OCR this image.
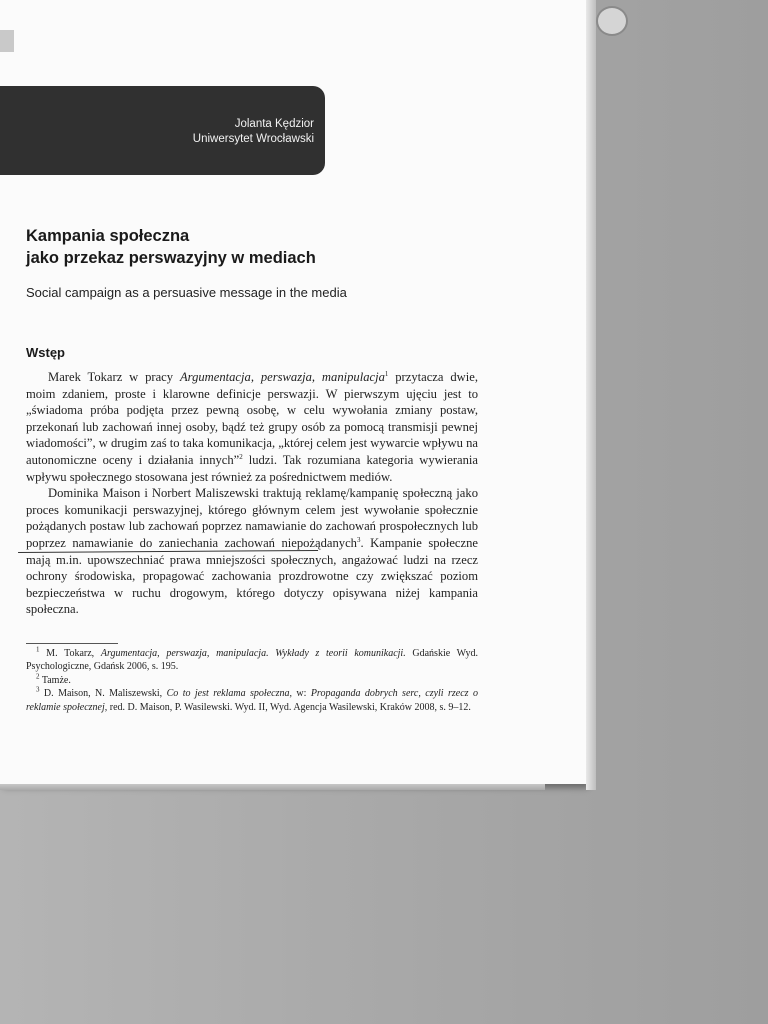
Jolanta Kędzior
Uniwersytet Wrocławski
Kampania społeczna
jako przekaz perswazyjny w mediach
Social campaign as a persuasive message in the media
Wstęp

Marek Tokarz w pracy Argumentacja, perswazja, manipulacja$^1$ przytacza dwie, moim zdaniem, proste i klarowne definicje perswazji. W pierwszym ujęciu jest to „świadoma próba podjęta przez pewną osobę, w celu wywołania zmiany postaw, przekonań lub zachowań innej osoby, bądź też grupy osób za pomocą transmisji pewnej wiadomości”, w drugim zaś to taka komunikacja, „której celem jest wywarcie wpływu na autonomiczne oceny i działania innych”$^2$ ludzi. Tak rozumiana kategoria wywierania wpływu społecznego stosowana jest również za pośrednictwem mediów.

Dominika Maison i Norbert Maliszewski traktują reklamę/kampanię społeczną jako proces komunikacji perswazyjnej, którego głównym celem jest wywołanie społecznie pożądanych postaw lub zachowań poprzez namawianie do zachowań prospołecznych lub poprzez namawianie do zaniechania zachowań niepożądanych$^3$. Kampanie społeczne mają m.in. upowszechniać prawa mniejszości społecznych, angażować ludzi na rzecz ochrony środowiska, propagować zachowania prozdrowotne czy zwiększać poziom bezpieczeństwa w ruchu drogowym, którego dotyczy opisywana niżej kampania społeczna.

$^1$ M. Tokarz, Argumentacja, perswazja, manipulacja. Wykłady z teorii komunikacji. Gdańskie Wyd. Psychologiczne, Gdańsk 2006, s. 195.

$^2$ Tamże.

$^3$ D. Maison, N. Maliszewski, Co to jest reklama społeczna, w: Propaganda dobrych serc, czyli rzecz o reklamie społecznej, red. D. Maison, P. Wasilewski. Wyd. II, Wyd. Agencja Wasilewski, Kraków 2008, s. 9–12.
